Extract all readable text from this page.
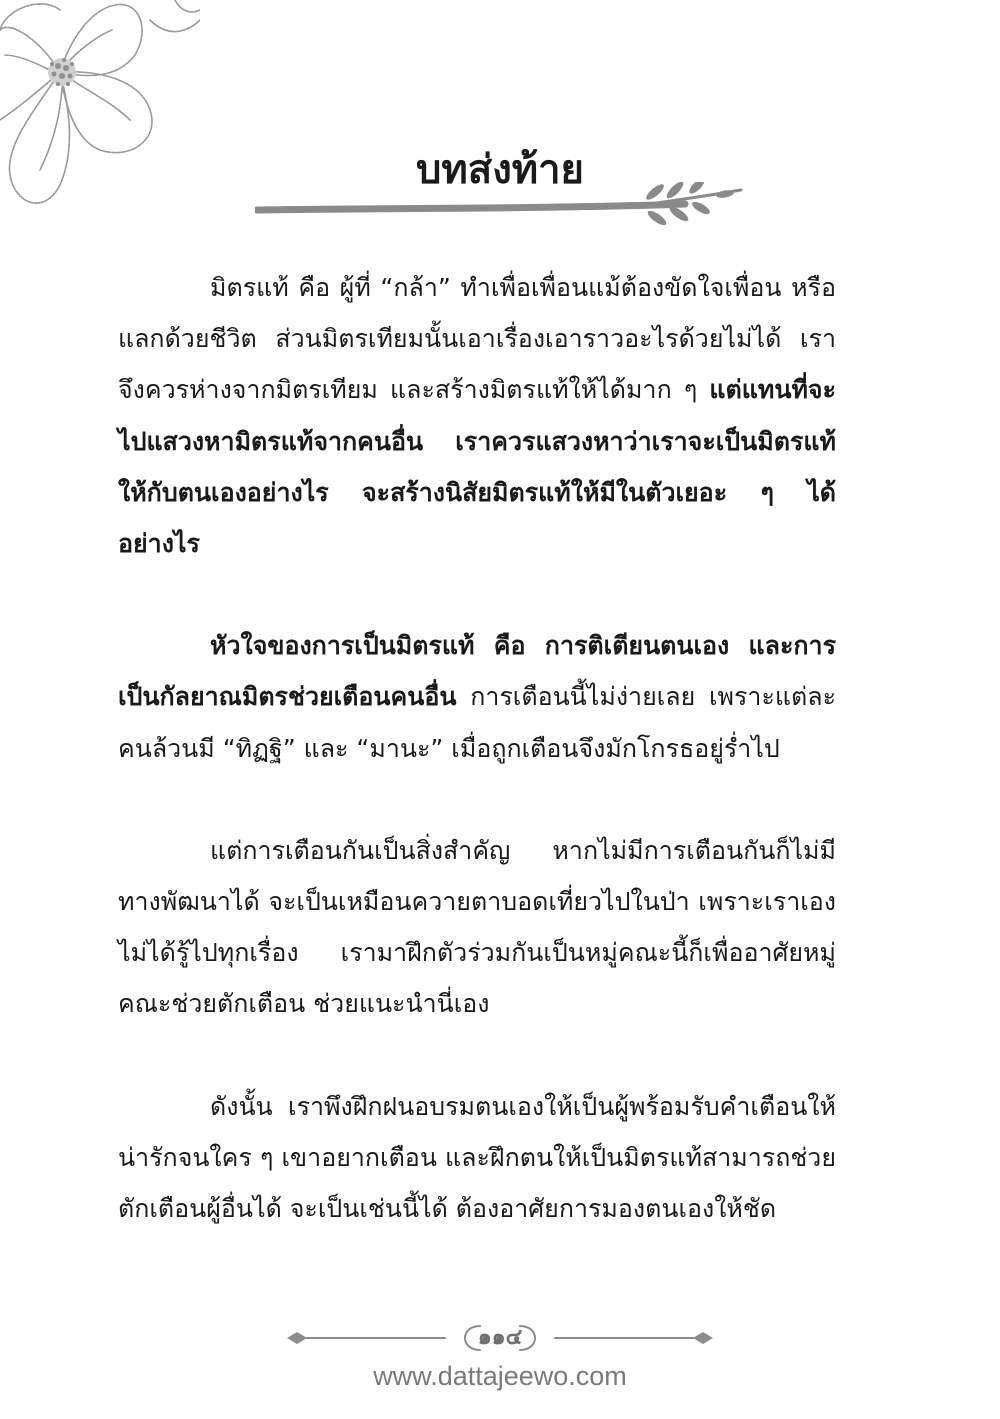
บทส่งท้าย

มิตรแท้ คือ ผู้ที่ “กล้า” ทำเพื่อเพื่อนแม้ต้องขัดใจเพื่อน หรือแลกด้วยชีวิต ส่วนมิตรเทียมนั้นเอาเรื่องเอาราวอะไรด้วยไม่ได้ เราจึงควรห่างจากมิตรเทียม และสร้างมิตรแท้ให้ได้มาก ๆ แต่แทนที่จะไปแสวงหามิตรแท้จากคนอื่น เราควรแสวงหาว่าเราจะเป็นมิตรแท้ให้กับตนเองอย่างไร จะสร้างนิสัยมิตรแท้ให้มีในตัวเยอะ ๆ ได้อย่างไร

หัวใจของการเป็นมิตรแท้ คือ การติเตียนตนเอง และการเป็นกัลยาณมิตรช่วยเตือนคนอื่น การเตือนนี้ไม่ง่ายเลย เพราะแต่ละคนล้วนมี “ทิฏฐิ” และ “มานะ” เมื่อถูกเตือนจึงมักโกรธอยู่ร่ำไป

แต่การเตือนกันเป็นสิ่งสำคัญ หากไม่มีการเตือนกันก็ไม่มีทางพัฒนาได้ จะเป็นเหมือนควายตาบอดเที่ยวไปในป่า เพราะเราเองไม่ได้รู้ไปทุกเรื่อง เรามาฝึกตัวร่วมกันเป็นหมู่คณะนี้ก็เพื่ออาศัยหมู่คณะช่วยตักเตือน ช่วยแนะนำนี่เอง

ดังนั้น เราพึงฝึกฝนอบรมตนเองให้เป็นผู้พร้อมรับคำเตือนให้น่ารักจนใคร ๆ เขาอยากเตือน และฝึกตนให้เป็นมิตรแท้สามารถช่วยตักเตือนผู้อื่นได้ จะเป็นเช่นนี้ได้ ต้องอาศัยการมองตนเองให้ชัด

๑๑๔
www.dattajeewo.com
